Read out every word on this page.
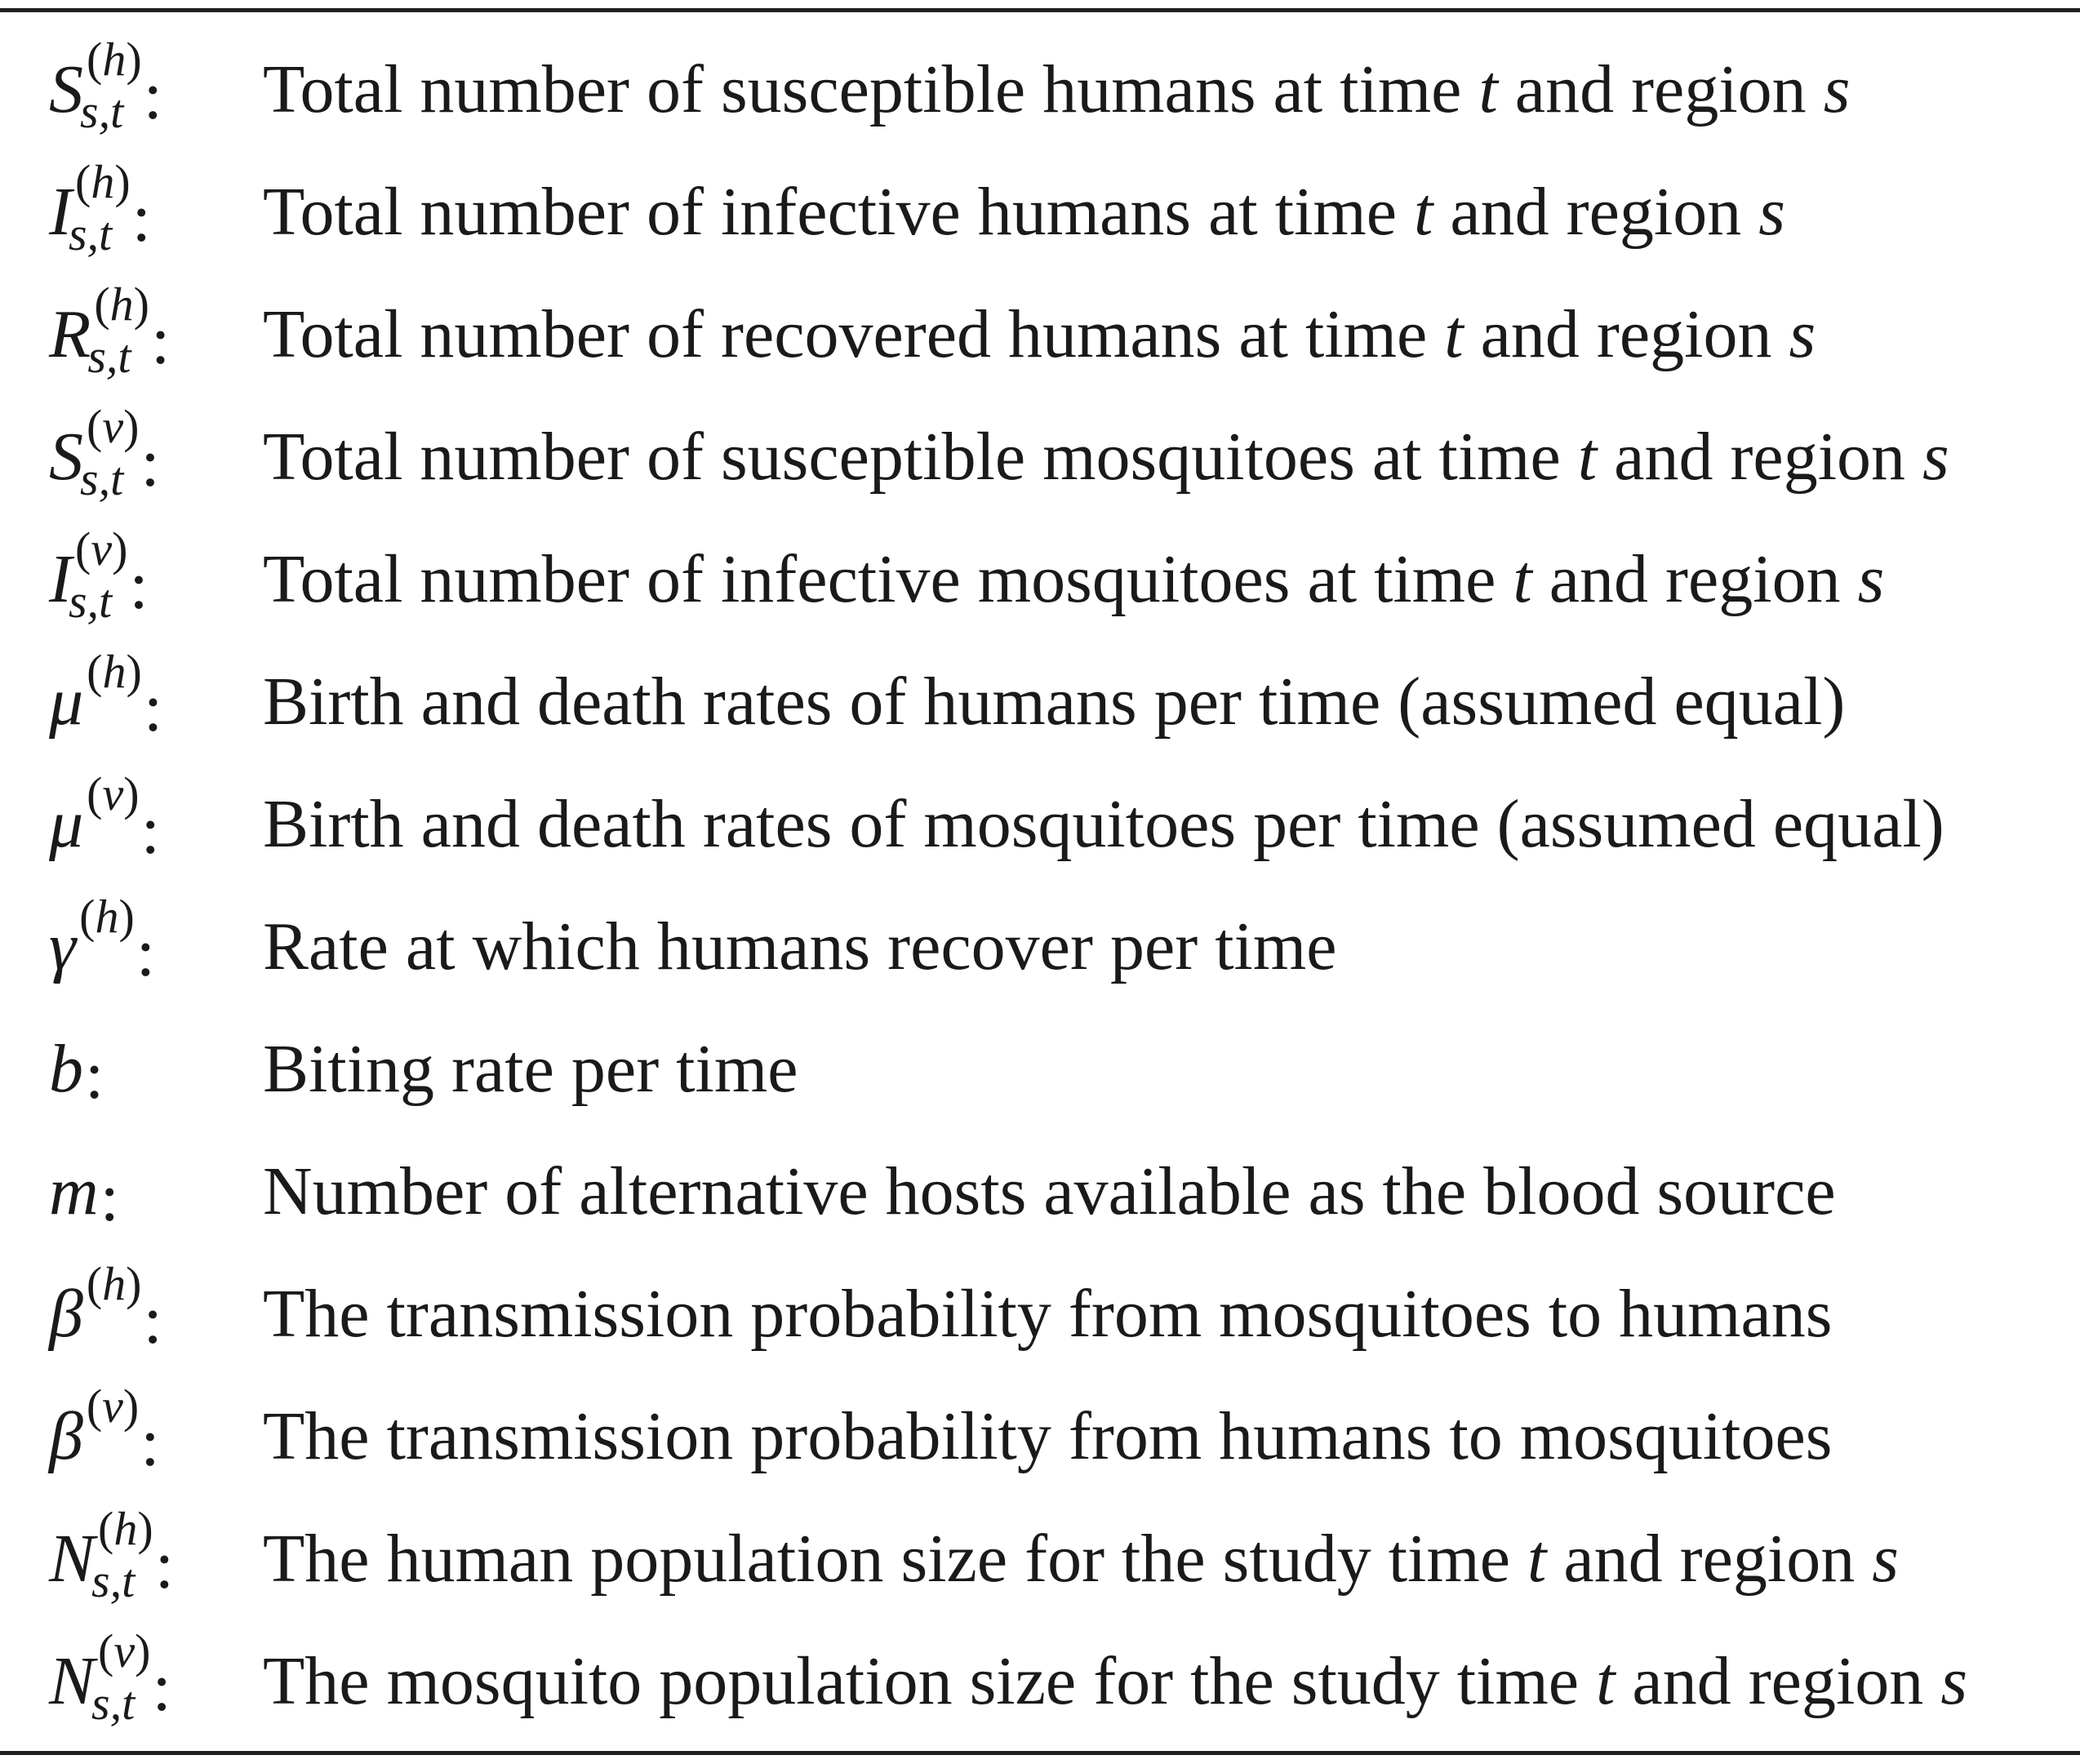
S (h)
s,t : Total number of susceptible humans at time t and region s
I (h)
s,t : Total number of infective humans at time t and region s
R (h)
s,t : Total number of recovered humans at time t and region s
S (v)
s,t : Total number of susceptible mosquitoes at time t and region s
I (v)
s,t : Total number of infective mosquitoes at time t and region s
μ (h) : Birth and death rates of humans per time (assumed equal)
μ (v) : Birth and death rates of mosquitoes per time (assumed equal)
γ (h) : Rate at which humans recover per time
b : Biting rate per time
m : Number of alternative hosts available as the blood source
β (h) : The transmission probability from mosquitoes to humans
β (v) : The transmission probability from humans to mosquitoes
N (h)
s,t : The human population size for the study time t and region s
N (v)
s,t : The mosquito population size for the study time t and region s
